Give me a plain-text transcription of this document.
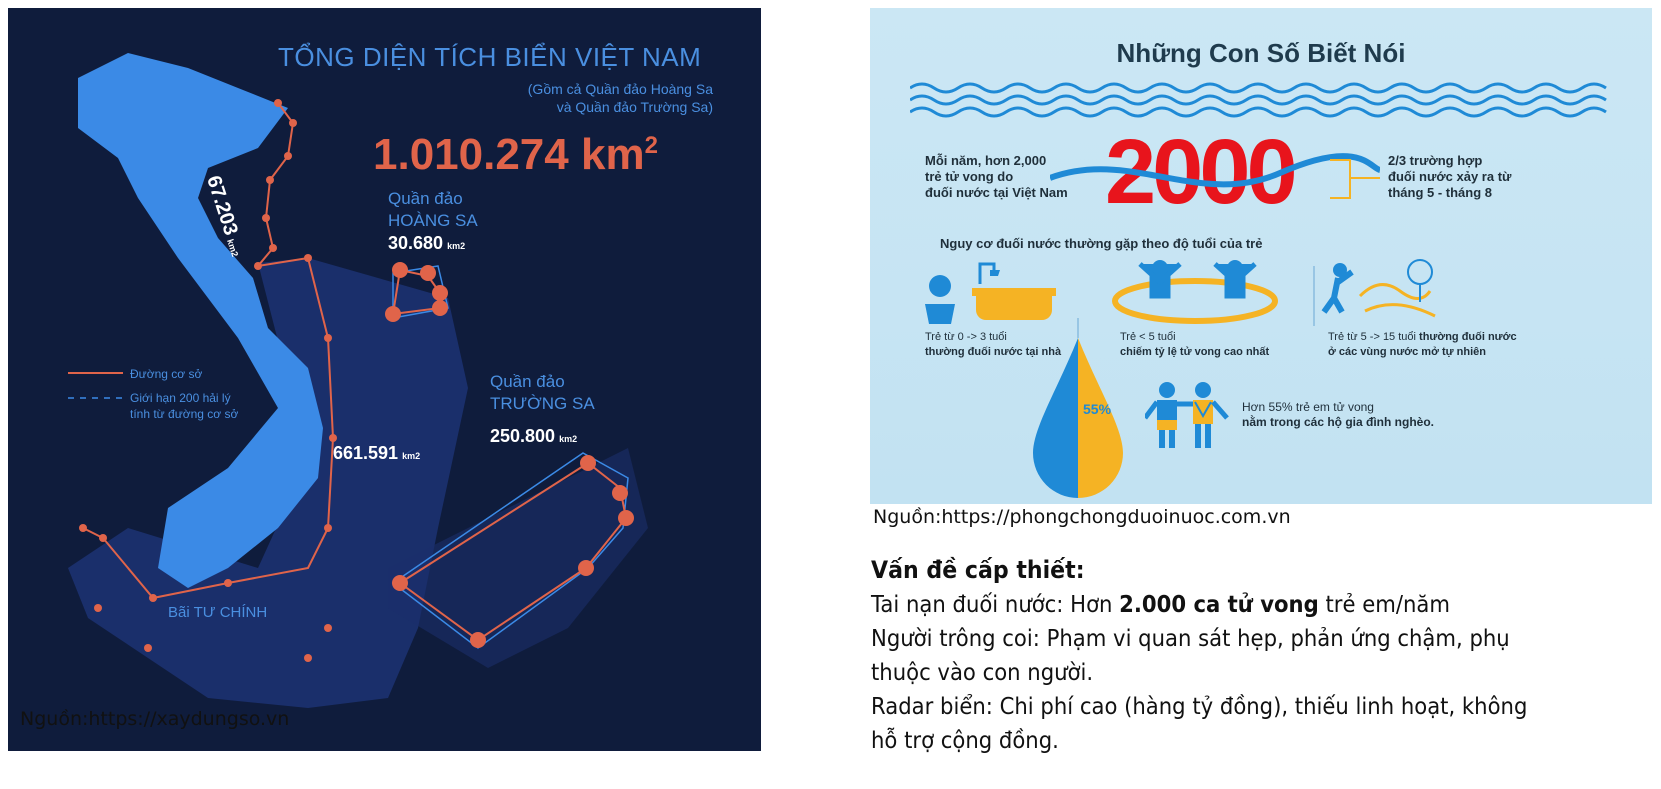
TỔNG DIỆN TÍCH BIỂN VIỆT NAM
(Gồm cả Quần đảo Hoàng Sa
và Quần đảo Trường Sa)
1.010.274 $km^2$
67.203km2
Quần đảo
HOÀNG SA
30.680 km2
Quần đảo
TRƯỜNG SA
250.800 km2
661.591 km2
Bãi TƯ CHÍNH
Đường cơ sở
Giới hạn 200 hải lý
tính từ đường cơ sở
Nguồn:https://xaydungso.vn
Những Con Số Biết Nói
2000
Mỗi năm, hơn 2,000
trẻ tử vong do
đuối nước tại Việt Nam
2/3 trường hợp
đuối nước xảy ra từ
tháng 5 - tháng 8
Nguy cơ đuối nước thường gặp theo độ tuổi của trẻ
Trẻ từ 0 -> 3 tuổi
thường đuối nước tại nhà
Trẻ < 5 tuổi
chiếm tỷ lệ tử vong cao nhất
Trẻ từ 5 -> 15 tuổi thường đuối nước
ở các vùng nước mở tự nhiên
55%	Hơn 55% trẻ em tử vong
nằm trong các hộ gia đình nghèo.
Nguồn:https://phongchongduoinuoc.com.vn
Vấn đề cấp thiết:
Tai nạn đuối nước: Hơn 2.000 ca tử vong trẻ em/năm
Người trông coi: Phạm vi quan sát hẹp, phản ứng chậm, phụ
thuộc vào con người.
Radar biển: Chi phí cao (hàng tỷ đồng), thiếu linh hoạt, không
hỗ trợ cộng đồng.
